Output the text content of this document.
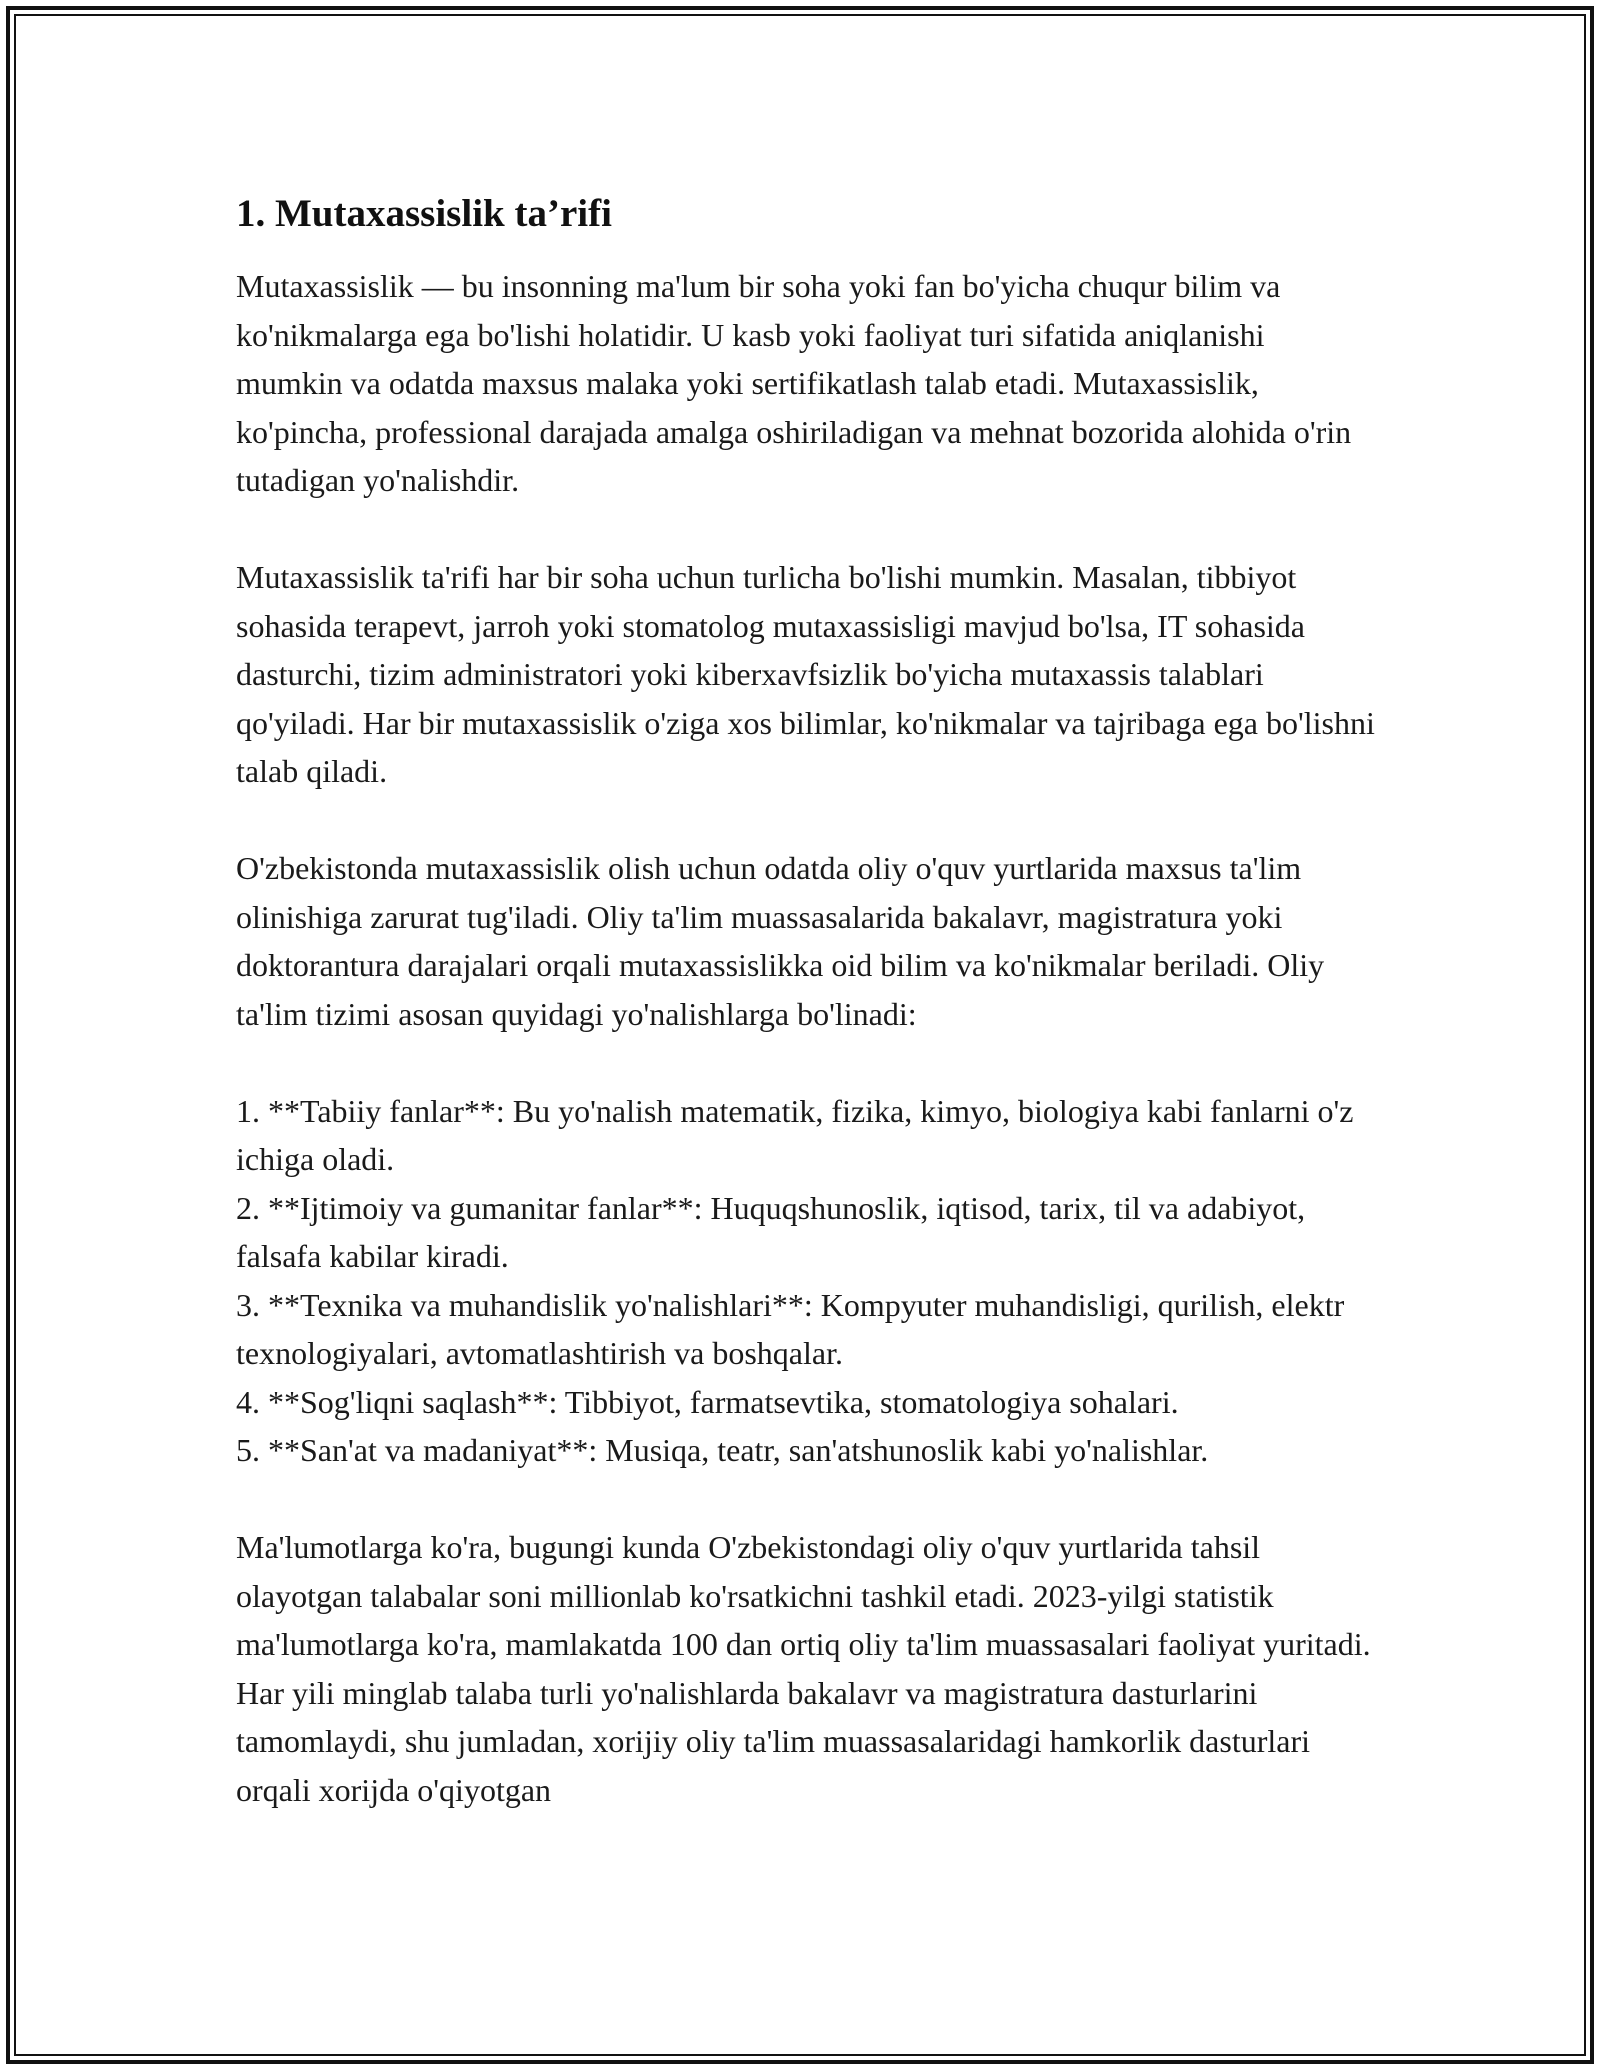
1. Mutaxassislik ta’rifi

Mutaxassislik — bu insonning ma'lum bir soha yoki fan bo'yicha chuqur bilim va ko'nikmalarga ega bo'lishi holatidir. U kasb yoki faoliyat turi sifatida aniqlanishi mumkin va odatda maxsus malaka yoki sertifikatlash talab etadi. Mutaxassislik, ko'pincha, professional darajada amalga oshiriladigan va mehnat bozorida alohida o'rin tutadigan yo'nalishdir.

Mutaxassislik ta'rifi har bir soha uchun turlicha bo'lishi mumkin. Masalan, tibbiyot sohasida terapevt, jarroh yoki stomatolog mutaxassisligi mavjud bo'lsa, IT sohasida dasturchi, tizim administratori yoki kiberxavfsizlik bo'yicha mutaxassis talablari qo'yiladi. Har bir mutaxassislik o'ziga xos bilimlar, ko'nikmalar va tajribaga ega bo'lishni talab qiladi.

O'zbekistonda mutaxassislik olish uchun odatda oliy o'quv yurtlarida maxsus ta'lim olinishiga zarurat tug'iladi. Oliy ta'lim muassasalarida bakalavr, magistratura yoki doktorantura darajalari orqali mutaxassislikka oid bilim va ko'nikmalar beriladi. Oliy ta'lim tizimi asosan quyidagi yo'nalishlarga bo'linadi:

1. **Tabiiy fanlar**: Bu yo'nalish matematik, fizika, kimyo, biologiya kabi fanlarni o'z ichiga oladi.
2. **Ijtimoiy va gumanitar fanlar**: Huquqshunoslik, iqtisod, tarix, til va adabiyot, falsafa kabilar kiradi.
3. **Texnika va muhandislik yo'nalishlari**: Kompyuter muhandisligi, qurilish, elektr texnologiyalari, avtomatlashtirish va boshqalar.
4. **Sog'liqni saqlash**: Tibbiyot, farmatsevtika, stomatologiya sohalari.
5. **San'at va madaniyat**: Musiqa, teatr, san'atshunoslik kabi yo'nalishlar.

Ma'lumotlarga ko'ra, bugungi kunda O'zbekistondagi oliy o'quv yurtlarida tahsil olayotgan talabalar soni millionlab ko'rsatkichni tashkil etadi. 2023-yilgi statistik ma'lumotlarga ko'ra, mamlakatda 100 dan ortiq oliy ta'lim muassasalari faoliyat yuritadi. Har yili minglab talaba turli yo'nalishlarda bakalavr va magistratura dasturlarini tamomlaydi, shu jumladan, xorijiy oliy ta'lim muassasalaridagi hamkorlik dasturlari orqali xorijda o'qiyotgan
